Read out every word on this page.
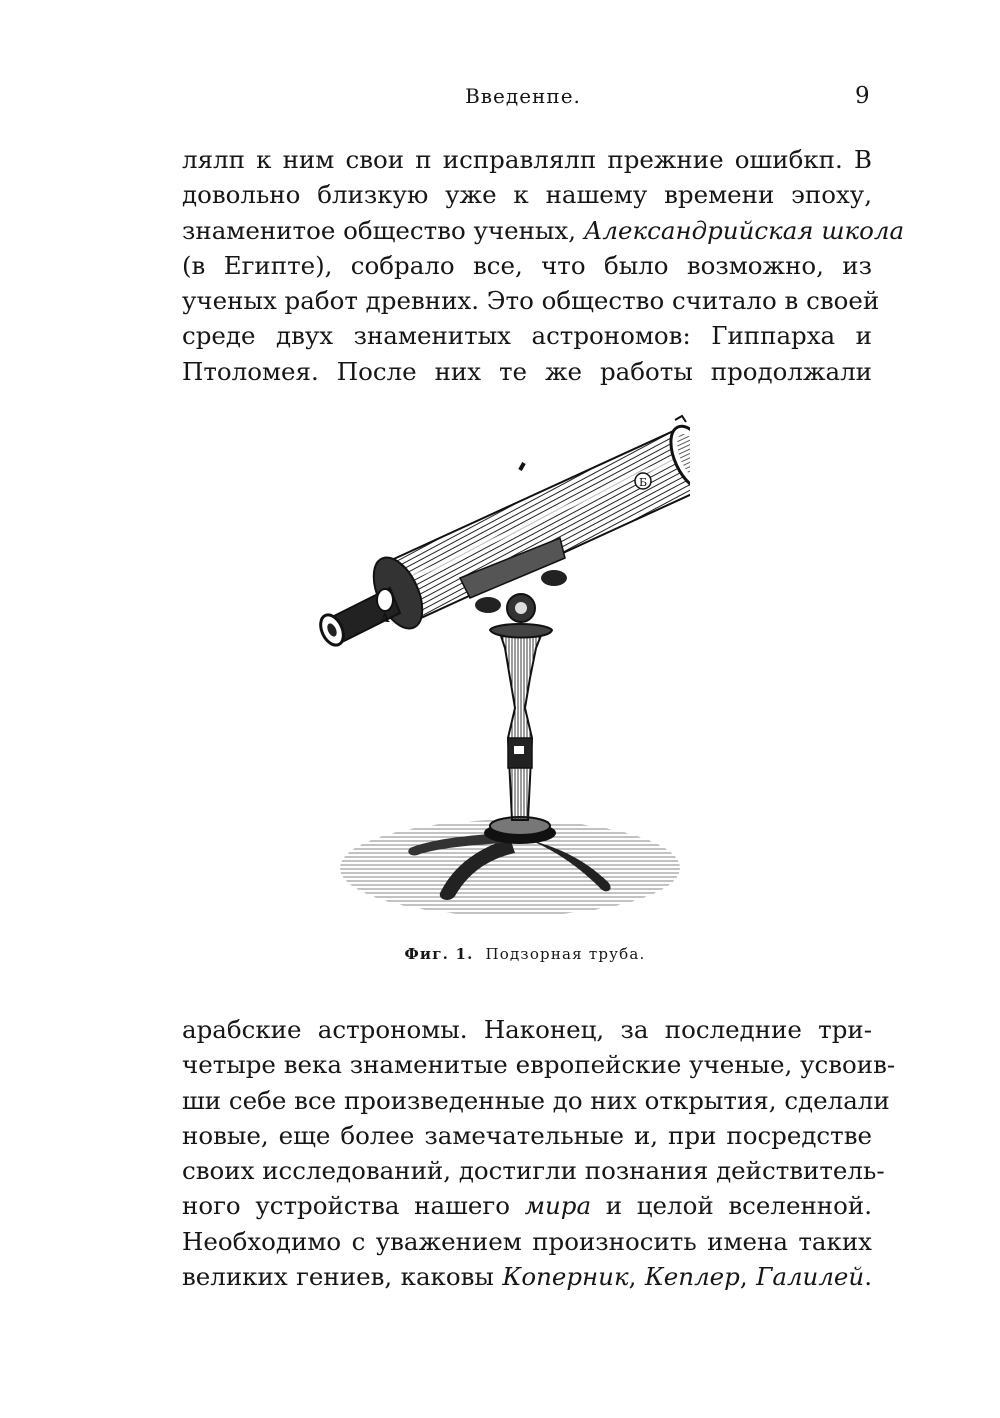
Введенпе.	9
лялп к ним свои п исправлялп прежние ошибкп. В
довольно близкую уже к нашему времени эпоху,
знаменитое общество ученых, Александрийская школа
(в Египте), собрало все, что было возможно, из
ученых работ древних. Это общество считало в своей
среде двух знаменитых астрономов: Гиппарха и
Птоломея. После них те же работы продолжали
Б
А
Фиг. 1. Подзорная труба.
арабские астрономы. Наконец, за последние три-
четыре века знаменитые европейские ученые, усвоив-
ши себе все произведенные до них открытия, сделали
новые, еще более замечательные и, при посредстве
своих исследований, достигли познания действитель-
ного устройства нашего мира и целой вселенной.
Необходимо с уважением произносить имена таких
великих гениев, каковы Коперник, Кеплер, Галилей.
